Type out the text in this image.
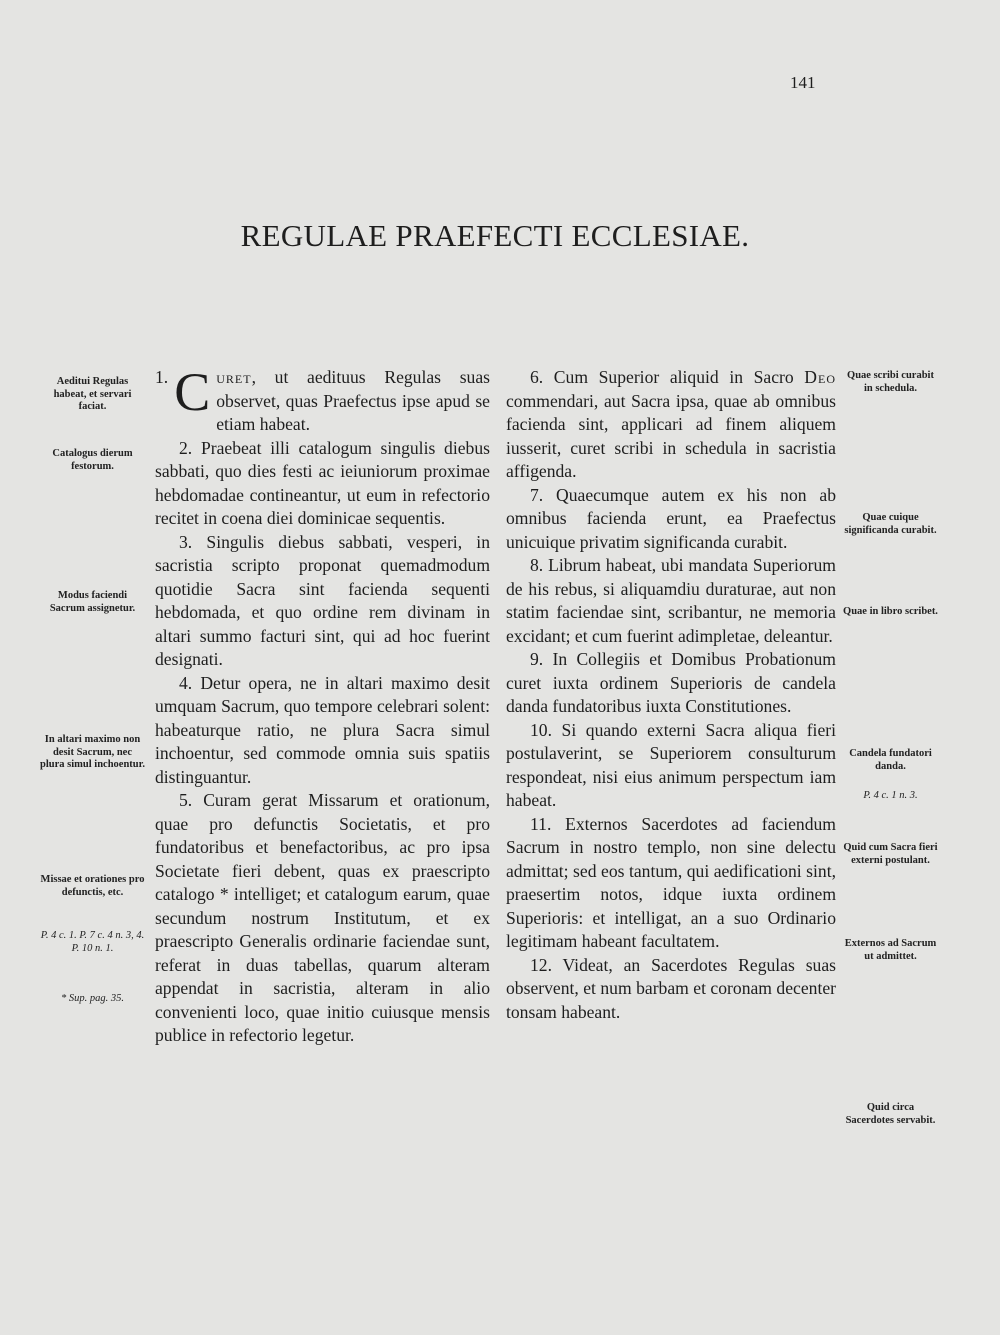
141
REGULAE PRAEFECTI ECCLESIAE.

1. C uret, ut aedituus Regulas suas observet, quas Praefectus ipse apud se etiam habeat.

2. Praebeat illi catalogum singulis diebus sabbati, quo dies festi ac ieiuniorum proximae hebdomadae contineantur, ut eum in refectorio recitet in coena diei dominicae sequentis.

3. Singulis diebus sabbati, vesperi, in sacristia scripto proponat quemadmodum quotidie Sacra sint facienda sequenti hebdomada, et quo ordine rem divinam in altari summo facturi sint, qui ad hoc fuerint designati.

4. Detur opera, ne in altari maximo desit umquam Sacrum, quo tempore celebrari solent: habeaturque ratio, ne plura Sacra simul inchoentur, sed commode omnia suis spatiis distinguantur.

5. Curam gerat Missarum et orationum, quae pro defunctis Societatis, et pro fundatoribus et benefactoribus, ac pro ipsa Societate fieri debent, quas ex praescripto catalogo * intelliget; et catalogum earum, quae secundum nostrum Institutum, et ex praescripto Generalis ordinarie faciendae sunt, referat in duas tabellas, quarum alteram appendat in sacristia, alteram in alio convenienti loco, quae initio cuiusque mensis publice in refectorio legetur.

6. Cum Superior aliquid in Sacro Deo commendari, aut Sacra ipsa, quae ab omnibus facienda sint, applicari ad finem aliquem iusserit, curet scribi in schedula in sacristia affigenda.

7. Quaecumque autem ex his non ab omnibus facienda erunt, ea Praefectus unicuique privatim significanda curabit.

8. Librum habeat, ubi mandata Superiorum de his rebus, si aliquamdiu duraturae, aut non statim faciendae sint, scribantur, ne memoria excidant; et cum fuerint adimpletae, deleantur.

9. In Collegiis et Domibus Probationum curet iuxta ordinem Superioris de candela danda fundatoribus iuxta Constitutiones.

10. Si quando externi Sacra aliqua fieri postulaverint, se Superiorem consulturum respondeat, nisi eius animum perspectum iam habeat.

11. Externos Sacerdotes ad faciendum Sacrum in nostro templo, non sine delectu admittat; sed eos tantum, qui aedificationi sint, praesertim notos, idque iuxta ordinem Superioris: et intelligat, an a suo Ordinario legitimam habeant facultatem.

12. Videat, an Sacerdotes Regulas suas observent, et num barbam et coronam decenter tonsam habeant.

Aeditui Regulas habeat, et servari faciat.
Catalogus dierum festorum.
Modus faciendi Sacrum assignetur.
In altari maximo non desit Sacrum, nec plura simul inchoentur.
Missae et orationes pro defunctis, etc.
P. 4 c. 1. P. 7 c. 4 n. 3, 4. P. 10 n. 1.
* Sup. pag. 35.
Quae scribi curabit in schedula.
Quae cuique significanda curabit.
Quae in libro scribet.
Candela fundatori danda.
P. 4 c. 1 n. 3.
Quid cum Sacra fieri externi postulant.
Externos ad Sacrum ut admittet.
Quid circa Sacerdotes servabit.
